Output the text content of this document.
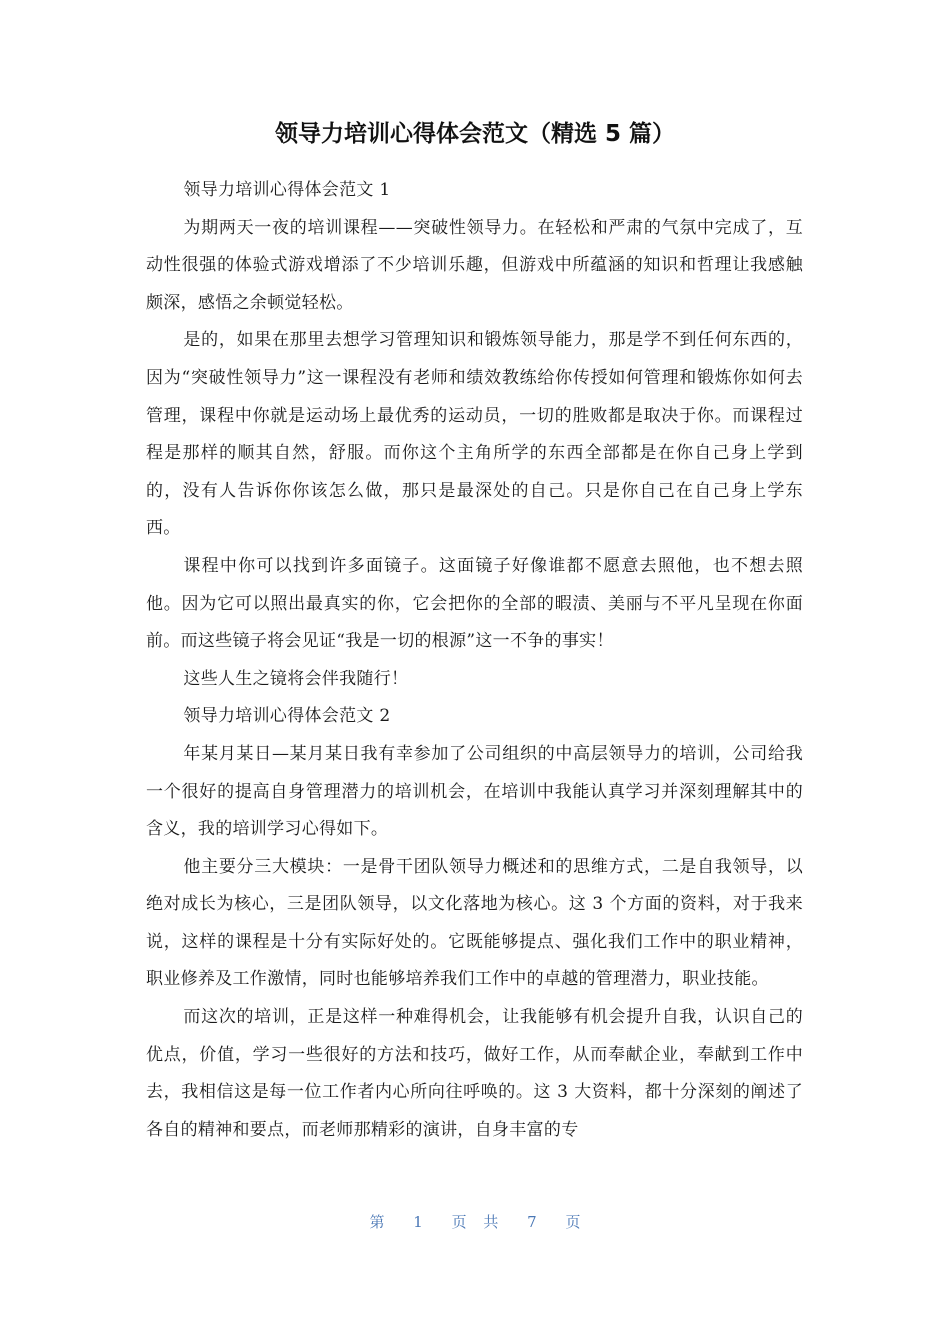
领导力培训心得体会范文（精选 5 篇）

领导力培训心得体会范文 1

为期两天一夜的培训课程——突破性领导力。在轻松和严肃的气氛中完成了，互动性很强的体验式游戏增添了不少培训乐趣，但游戏中所蕴涵的知识和哲理让我感触颇深，感悟之余顿觉轻松。

是的，如果在那里去想学习管理知识和锻炼领导能力，那是学不到任何东西的，因为“突破性领导力”这一课程没有老师和绩效教练给你传授如何管理和锻炼你如何去管理，课程中你就是运动场上最优秀的运动员，一切的胜败都是取决于你。而课程过程是那样的顺其自然，舒服。而你这个主角所学的东西全部都是在你自己身上学到的，没有人告诉你你该怎么做，那只是最深处的自己。只是你自己在自己身上学东西。

课程中你可以找到许多面镜子。这面镜子好像谁都不愿意去照他，也不想去照他。因为它可以照出最真实的你，它会把你的全部的暇渍、美丽与不平凡呈现在你面前。而这些镜子将会见证“我是一切的根源”这一不争的事实！

这些人生之镜将会伴我随行！

领导力培训心得体会范文 2

年某月某日—某月某日我有幸参加了公司组织的中高层领导力的培训，公司给我一个很好的提高自身管理潜力的培训机会，在培训中我能认真学习并深刻理解其中的含义，我的培训学习心得如下。

他主要分三大模块：一是骨干团队领导力概述和的思维方式，二是自我领导，以绝对成长为核心，三是团队领导，以文化落地为核心。这 3 个方面的资料，对于我来说，这样的课程是十分有实际好处的。它既能够提点、强化我们工作中的职业精神，职业修养及工作激情，同时也能够培养我们工作中的卓越的管理潜力，职业技能。

而这次的培训，正是这样一种难得机会，让我能够有机会提升自我，认识自己的优点，价值，学习一些很好的方法和技巧，做好工作，从而奉献企业，奉献到工作中去，我相信这是每一位工作者内心所向往呼唤的。这 3 大资料，都十分深刻的阐述了各自的精神和要点，而老师那精彩的演讲，自身丰富的专

第 1 页 共 7 页
